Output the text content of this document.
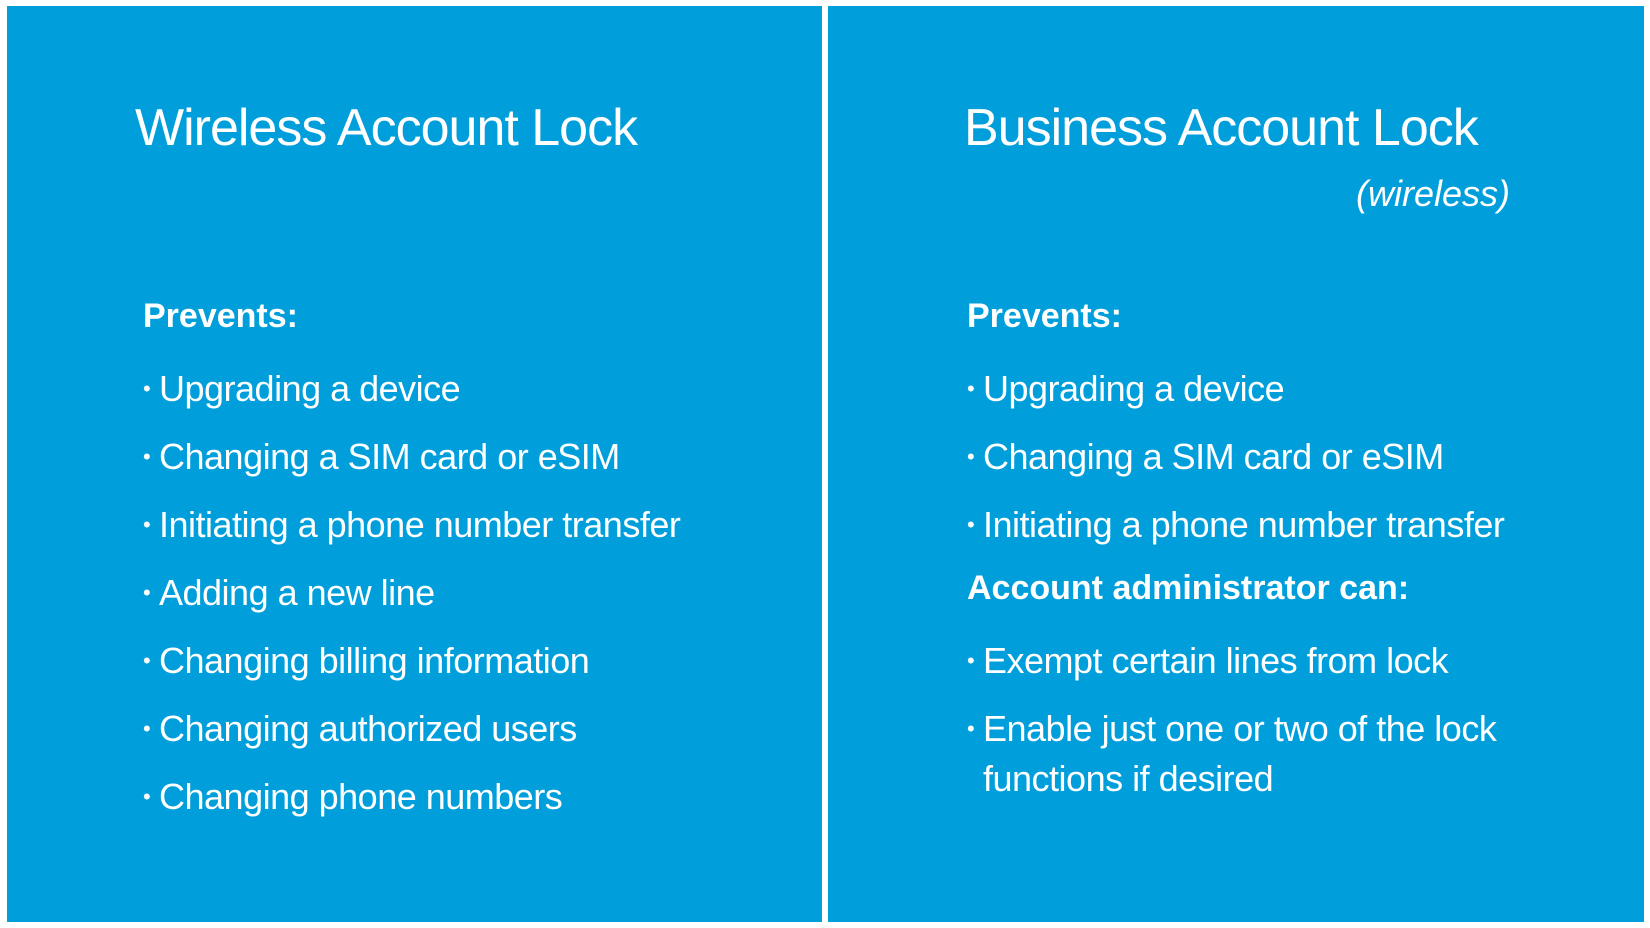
Wireless Account Lock
Prevents:
• Upgrading a device
• Changing a SIM card or eSIM
• Initiating a phone number transfer
• Adding a new line
• Changing billing information
• Changing authorized users
• Changing phone numbers
Business Account Lock
(wireless)
Prevents:
• Upgrading a device
• Changing a SIM card or eSIM
• Initiating a phone number transfer
Account administrator can:
• Exempt certain lines from lock
• Enable just one or two of the lock functions if desired
